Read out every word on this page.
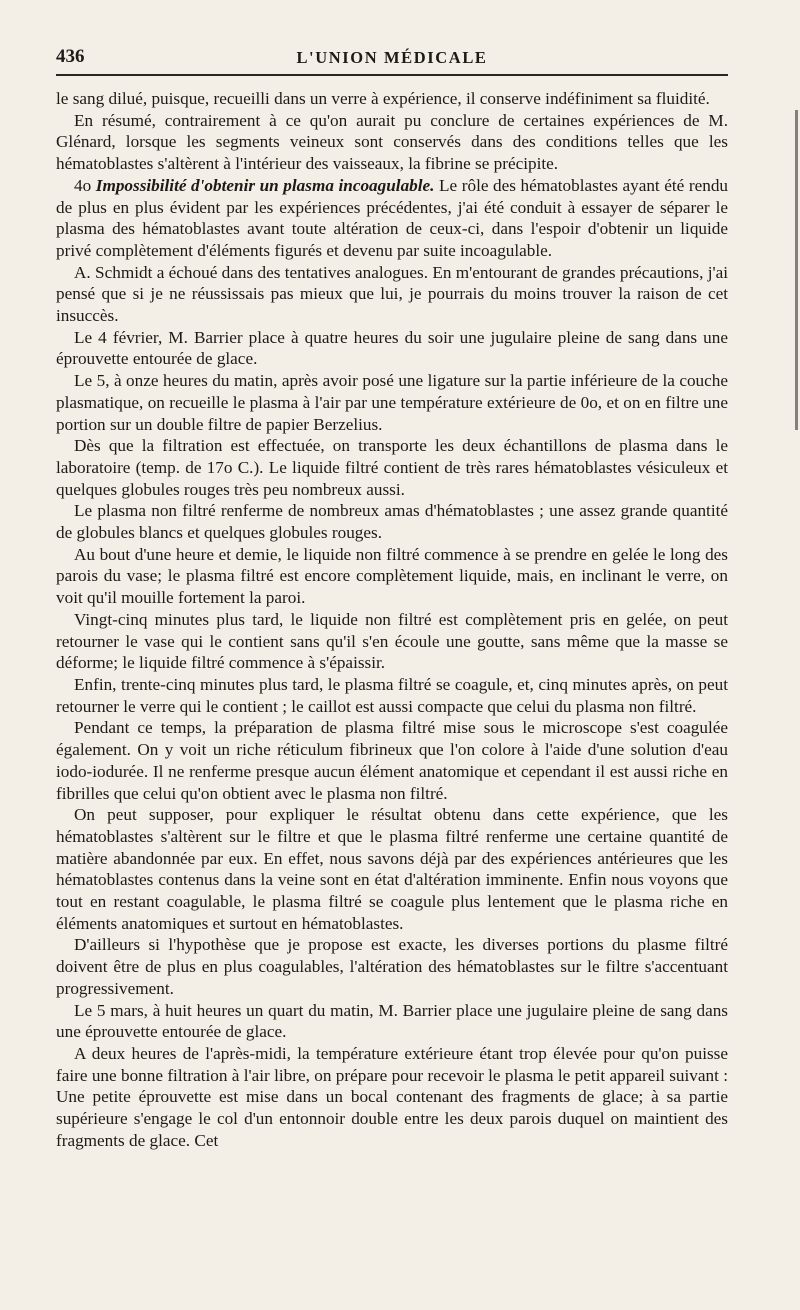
436	L'UNION MÉDICALE

le sang dilué, puisque, recueilli dans un verre à expérience, il conserve indéfiniment sa fluidité.

En résumé, contrairement à ce qu'on aurait pu conclure de certaines expériences de M. Glénard, lorsque les segments veineux sont conservés dans des conditions telles que les hématoblastes s'altèrent à l'intérieur des vaisseaux, la fibrine se précipite.

4o Impossibilité d'obtenir un plasma incoagulable. Le rôle des hématoblastes ayant été rendu de plus en plus évident par les expériences précédentes, j'ai été conduit à essayer de séparer le plasma des hématoblastes avant toute altération de ceux-ci, dans l'espoir d'obtenir un liquide privé complètement d'éléments figurés et devenu par suite incoagulable.

A. Schmidt a échoué dans des tentatives analogues. En m'entourant de grandes précautions, j'ai pensé que si je ne réussissais pas mieux que lui, je pourrais du moins trouver la raison de cet insuccès.

Le 4 février, M. Barrier place à quatre heures du soir une jugulaire pleine de sang dans une éprouvette entourée de glace.

Le 5, à onze heures du matin, après avoir posé une ligature sur la partie inférieure de la couche plasmatique, on recueille le plasma à l'air par une température extérieure de 0o, et on en filtre une portion sur un double filtre de papier Berzelius.

Dès que la filtration est effectuée, on transporte les deux échantillons de plasma dans le laboratoire (temp. de 17o C.). Le liquide filtré contient de très rares hématoblastes vésiculeux et quelques globules rouges très peu nombreux aussi.

Le plasma non filtré renferme de nombreux amas d'hématoblastes ; une assez grande quantité de globules blancs et quelques globules rouges.

Au bout d'une heure et demie, le liquide non filtré commence à se prendre en gelée le long des parois du vase; le plasma filtré est encore complètement liquide, mais, en inclinant le verre, on voit qu'il mouille fortement la paroi.

Vingt-cinq minutes plus tard, le liquide non filtré est complètement pris en gelée, on peut retourner le vase qui le contient sans qu'il s'en écoule une goutte, sans même que la masse se déforme; le liquide filtré commence à s'épaissir.

Enfin, trente-cinq minutes plus tard, le plasma filtré se coagule, et, cinq minutes après, on peut retourner le verre qui le contient ; le caillot est aussi compacte que celui du plasma non filtré.

Pendant ce temps, la préparation de plasma filtré mise sous le microscope s'est coagulée également. On y voit un riche réticulum fibrineux que l'on colore à l'aide d'une solution d'eau iodo-iodurée. Il ne renferme presque aucun élément anatomique et cependant il est aussi riche en fibrilles que celui qu'on obtient avec le plasma non filtré.

On peut supposer, pour expliquer le résultat obtenu dans cette expérience, que les hématoblastes s'altèrent sur le filtre et que le plasma filtré renferme une certaine quantité de matière abandonnée par eux. En effet, nous savons déjà par des expériences antérieures que les hématoblastes contenus dans la veine sont en état d'altération imminente. Enfin nous voyons que tout en restant coagulable, le plasma filtré se coagule plus lentement que le plasma riche en éléments anatomiques et surtout en hématoblastes.

D'ailleurs si l'hypothèse que je propose est exacte, les diverses portions du plasme filtré doivent être de plus en plus coagulables, l'altération des hématoblastes sur le filtre s'accentuant progressivement.

Le 5 mars, à huit heures un quart du matin, M. Barrier place une jugulaire pleine de sang dans une éprouvette entourée de glace.

A deux heures de l'après-midi, la température extérieure étant trop élevée pour qu'on puisse faire une bonne filtration à l'air libre, on prépare pour recevoir le plasma le petit appareil suivant : Une petite éprouvette est mise dans un bocal contenant des fragments de glace; à sa partie supérieure s'engage le col d'un entonnoir double entre les deux parois duquel on maintient des fragments de glace. Cet
